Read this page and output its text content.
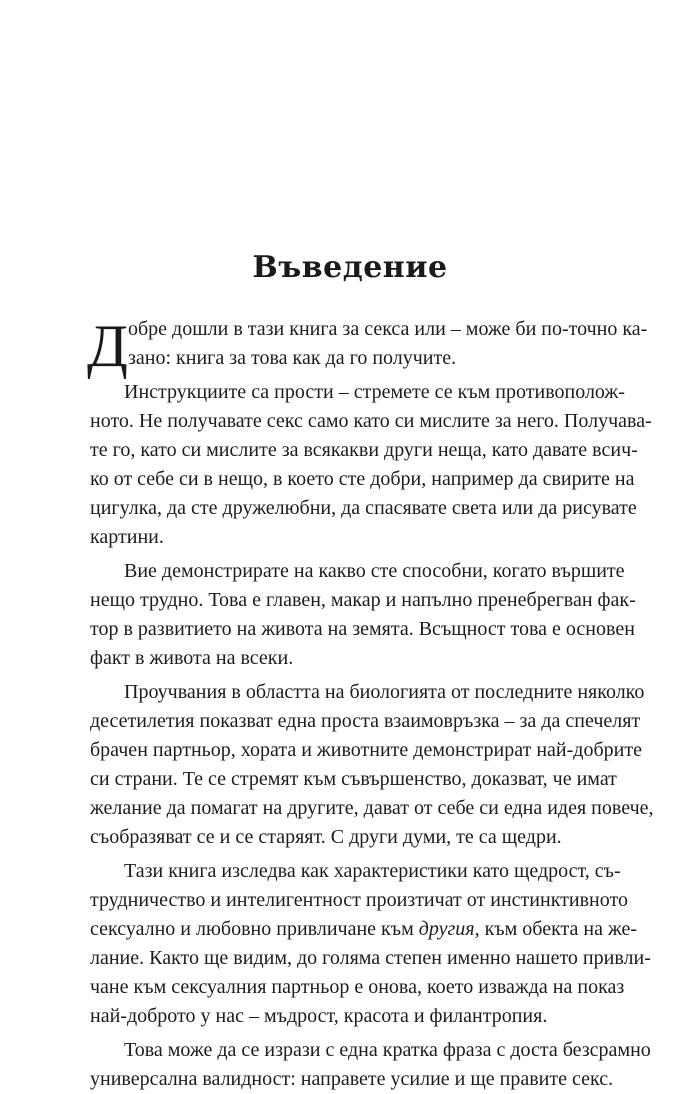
Въведение
Д обре дошли в тази книга за секса или – може би по-точно ка-
зано: книга за това как да го получите.
Инструкциите са прости – стремете се към противополож-
ното. Не получавате секс само като си мислите за него. Получава-
те го, като си мислите за всякакви други неща, като давате всич-
ко от себе си в нещо, в което сте добри, например да свирите на
цигулка, да сте дружелюбни, да спасявате света или да рисувате
картини.
Вие демонстрирате на какво сте способни, когато вършите
нещо трудно. Това е главен, макар и напълно пренебрегван фак-
тор в развитието на живота на земята. Всъщност това е основен
факт в живота на всеки.
Проучвания в областта на биологията от последните няколко
десетилетия показват една проста взаимовръзка – за да спечелят
брачен партньор, хората и животните демонстрират най-добрите
си страни. Те се стремят към съвършенство, доказват, че имат
желание да помагат на другите, дават от себе си една идея повече,
съобразяват се и се старяят. С други думи, те са щедри.
Тази книга изследва как характеристики като щедрост, съ-
трудничество и интелигентност произтичат от инстинктивното
сексуално и любовно привличане към другия, към обекта на же-
лание. Както ще видим, до голяма степен именно нашето привли-
чане към сексуалния партньор е онова, което изважда на показ
най-доброто у нас – мъдрост, красота и филантропия.
Това може да се изрази с една кратка фраза с доста безсрамно
универсална валидност: направете усилие и ще правите секс.
